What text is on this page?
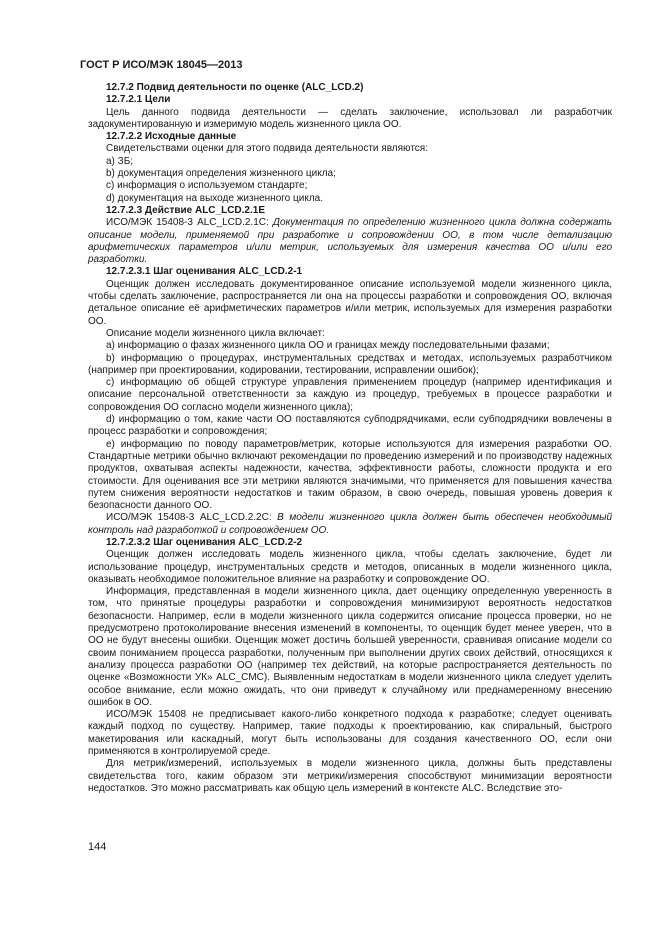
ГОСТ Р ИСО/МЭК 18045—2013

12.7.2 Подвид деятельности по оценке (ALC_LCD.2)

12.7.2.1 Цели

Цель данного подвида деятельности — сделать заключение, использовал ли разработчик задокументированную и измеримую модель жизненного цикла ОО.

12.7.2.2 Исходные данные

Свидетельствами оценки для этого подвида деятельности являются:

a) ЗБ;

b) документация определения жизненного цикла;

c) информация о используемом стандарте;

d) документация на выходе жизненного цикла.

12.7.2.3 Действие ALC_LCD.2.1E

ИСО/МЭК 15408-3 ALC_LCD.2.1C: Документация по определению жизненного цикла должна содержать описание модели, применяемой при разработке и сопровождении ОО, в том числе детализацию арифметических параметров и/или метрик, используемых для измерения качества ОО и/или его разработки.

12.7.2.3.1 Шаг оценивания ALC_LCD.2-1

Оценщик должен исследовать документированное описание используемой модели жизненного цикла, чтобы сделать заключение, распространяется ли она на процессы разработки и сопровождения ОО, включая детальное описание её арифметических параметров и/или метрик, используемых для измерения разработки ОО.

Описание модели жизненного цикла включает:

a) информацию о фазах жизненного цикла ОО и границах между последовательными фазами;

b) информацию о процедурах, инструментальных средствах и методах, используемых разработчиком (например при проектировании, кодировании, тестировании, исправлении ошибок);

c) информацию об общей структуре управления применением процедур (например идентификация и описание персональной ответственности за каждую из процедур, требуемых в процессе разработки и сопровождения ОО согласно модели жизненного цикла);

d) информацию о том, какие части ОО поставляются субподрядчиками, если субподрядчики вовлечены в процесс разработки и сопровождения;

e) информацию по поводу параметров/метрик, которые используются для измерения разработки ОО. Стандартные метрики обычно включают рекомендации по проведению измерений и по производству надежных продуктов, охватывая аспекты надежности, качества, эффективности работы, сложности продукта и его стоимости. Для оценивания все эти метрики являются значимыми, что применяется для повышения качества путем снижения вероятности недостатков и таким образом, в свою очередь, повышая уровень доверия к безопасности данного ОО.

ИСО/МЭК 15408-3 ALC_LCD.2.2C: В модели жизненного цикла должен быть обеспечен необходимый контроль над разработкой и сопровождением ОО.

12.7.2.3.2 Шаг оценивания ALC_LCD.2-2

Оценщик должен исследовать модель жизненного цикла, чтобы сделать заключение, будет ли использование процедур, инструментальных средств и методов, описанных в модели жизненного цикла, оказывать необходимое положительное влияние на разработку и сопровождение ОО.

Информация, представленная в модели жизненного цикла, дает оценщику определенную уверенность в том, что принятые процедуры разработки и сопровождения минимизируют вероятность недостатков безопасности. Например, если в модели жизненного цикла содержится описание процесса проверки, но не предусмотрено протоколирование внесения изменений в компоненты, то оценщик будет менее уверен, что в ОО не будут внесены ошибки. Оценщик может достичь большей уверенности, сравнивая описание модели со своим пониманием процесса разработки, полученным при выполнении других своих действий, относящихся к анализу процесса разработки ОО (например тех действий, на которые распространяется деятельность по оценке «Возможности УК» ALC_CMC). Выявленным недостаткам в модели жизненного цикла следует уделить особое внимание, если можно ожидать, что они приведут к случайному или преднамеренному внесению ошибок в ОО.

ИСО/МЭК 15408 не предписывает какого-либо конкретного подхода к разработке; следует оценивать каждый подход по существу. Например, такие подходы к проектированию, как спиральный, быстрого макетирования или каскадный, могут быть использованы для создания качественного ОО, если они применяются в контролируемой среде.

Для метрик/измерений, используемых в модели жизненного цикла, должны быть представлены свидетельства того, каким образом эти метрики/измерения способствуют минимизации вероятности недостатков. Это можно рассматривать как общую цель измерений в контексте ALC. Вследствие это-

144
